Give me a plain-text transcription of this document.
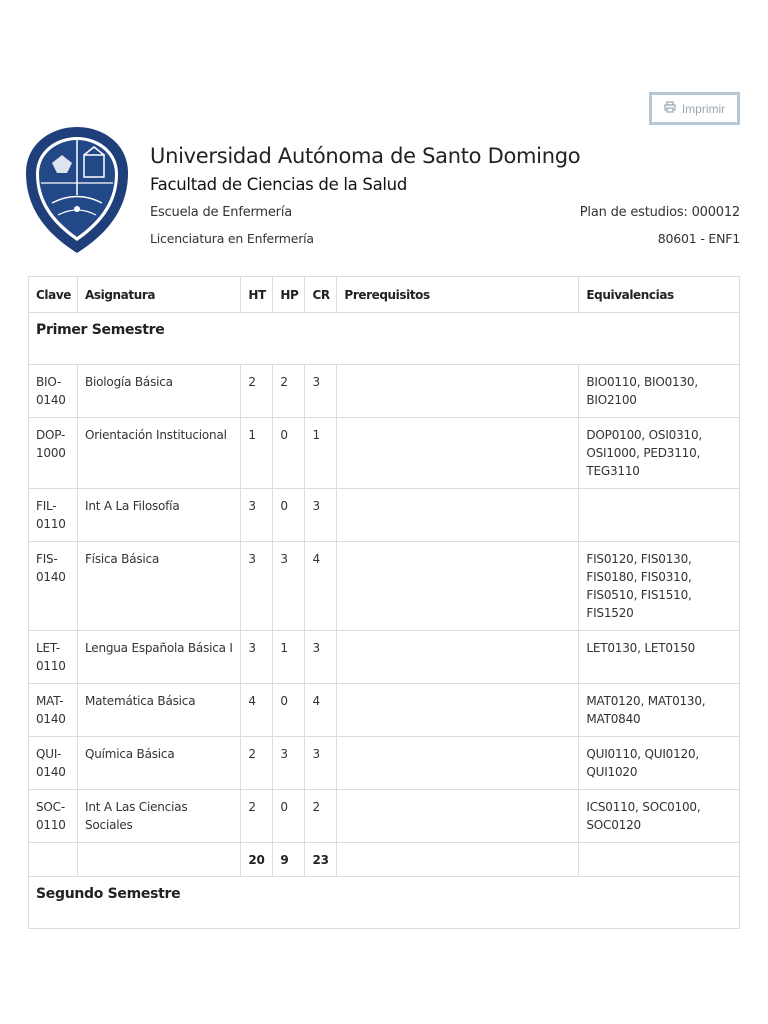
Imprimir
Universidad Autónoma de Santo Domingo
Facultad de Ciencias de la Salud
Escuela de Enfermería	Plan de estudios: 000012
Licenciatura en Enfermería	80601 - ENF1
Clave	Asignatura	HT	HP	CR	Prerequisitos	Equivalencias
Primer Semestre						
BIO-0140	Biología Básica	2	2	3		BIO0110, BIO0130, BIO2100
DOP-1000	Orientación Institucional	1	0	1		DOP0100, OSI0310, OSI1000, PED3110, TEG3110
FIL-0110	Int A La Filosofía	3	0	3		
FIS-0140	Física Básica	3	3	4		FIS0120, FIS0130, FIS0180, FIS0310, FIS0510, FIS1510, FIS1520
LET-0110	Lengua Española Básica I	3	1	3		LET0130, LET0150
MAT-0140	Matemática Básica	4	0	4		MAT0120, MAT0130, MAT0840
QUI-0140	Química Básica	2	3	3		QUI0110, QUI0120, QUI1020
SOC-0110	Int A Las Ciencias Sociales	2	0	2		ICS0110, SOC0100, SOC0120
		20	9	23		
Segundo Semestre						
